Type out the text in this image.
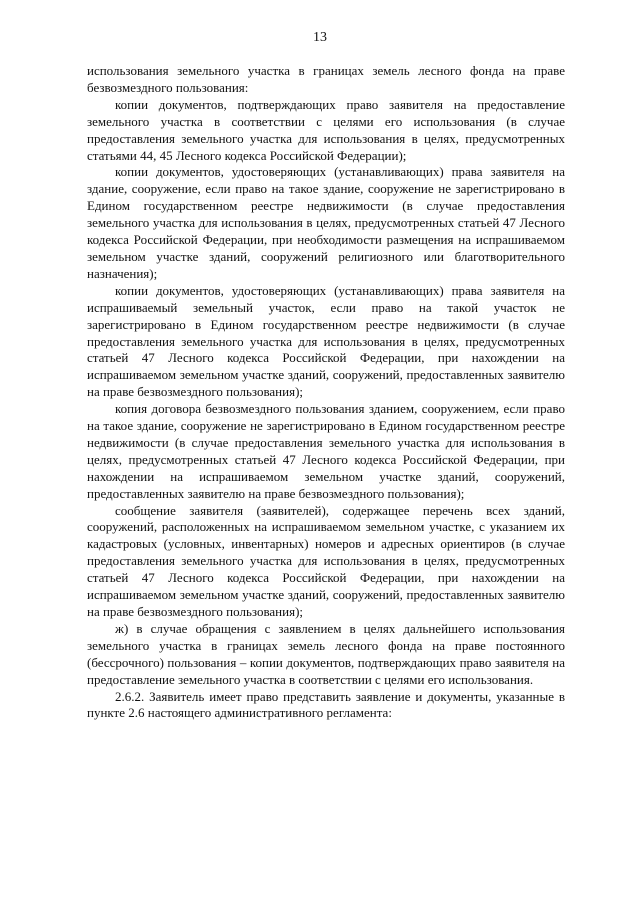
13

использования земельного участка в границах земель лесного фонда на праве безвозмездного пользования:

копии документов, подтверждающих право заявителя на предоставление земельного участка в соответствии с целями его использования (в случае предоставления земельного участка для использования в целях, предусмотренных статьями 44, 45 Лесного кодекса Российской Федерации);

копии документов, удостоверяющих (устанавливающих) права заявителя на здание, сооружение, если право на такое здание, сооружение не зарегистрировано в Едином государственном реестре недвижимости (в случае предоставления земельного участка для использования в целях, предусмотренных статьей 47 Лесного кодекса Российской Федерации, при необходимости размещения на испрашиваемом земельном участке зданий, сооружений религиозного или благотворительного назначения);

копии документов, удостоверяющих (устанавливающих) права заявителя на испрашиваемый земельный участок, если право на такой участок не зарегистрировано в Едином государственном реестре недвижимости (в случае предоставления земельного участка для использования в целях, предусмотренных статьей 47 Лесного кодекса Российской Федерации, при нахождении на испрашиваемом земельном участке зданий, сооружений, предоставленных заявителю на праве безвозмездного пользования);

копия договора безвозмездного пользования зданием, сооружением, если право на такое здание, сооружение не зарегистрировано в Едином государственном реестре недвижимости (в случае предоставления земельного участка для использования в целях, предусмотренных статьей 47 Лесного кодекса Российской Федерации, при нахождении на испрашиваемом земельном участке зданий, сооружений, предоставленных заявителю на праве безвозмездного пользования);

сообщение заявителя (заявителей), содержащее перечень всех зданий, сооружений, расположенных на испрашиваемом земельном участке, с указанием их кадастровых (условных, инвентарных) номеров и адресных ориентиров (в случае предоставления земельного участка для использования в целях, предусмотренных статьей 47 Лесного кодекса Российской Федерации, при нахождении на испрашиваемом земельном участке зданий, сооружений, предоставленных заявителю на праве безвозмездного пользования);

ж) в случае обращения с заявлением в целях дальнейшего использования земельного участка в границах земель лесного фонда на праве постоянного (бессрочного) пользования – копии документов, подтверждающих право заявителя на предоставление земельного участка в соответствии с целями его использования.

2.6.2. Заявитель имеет право представить заявление и документы, указанные в пункте 2.6 настоящего административного регламента:
